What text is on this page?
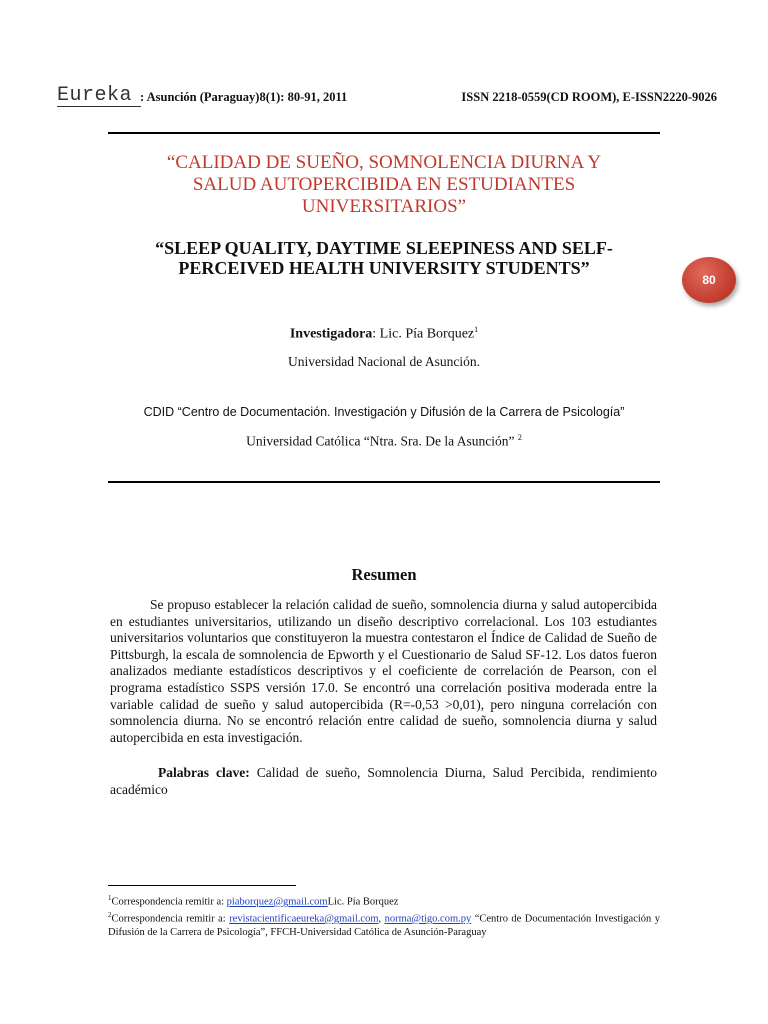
Eureka : Asunción (Paraguay)8(1): 80-91, 2011	ISSN 2218-0559(CD ROOM), E-ISSN2220-9026
“CALIDAD DE SUEÑO, SOMNOLENCIA DIURNA Y
SALUD AUTOPERCIBIDA EN ESTUDIANTES
UNIVERSITARIOS”
“SLEEP QUALITY, DAYTIME SLEEPINESS AND SELF-
PERCEIVED HEALTH UNIVERSITY STUDENTS”
80
Investigadora: Lic. Pía Borquez$^1$
Universidad Nacional de Asunción.
CDID “Centro de Documentación. Investigación y Difusión de la Carrera de Psicología”
Universidad Católica “Ntra. Sra. De la Asunción” $^2$
Resumen

Se propuso establecer la relación calidad de sueño, somnolencia diurna y salud autopercibida en estudiantes universitarios, utilizando un diseño descriptivo correlacional. Los 103 estudiantes universitarios voluntarios que constituyeron la muestra contestaron el Índice de Calidad de Sueño de Pittsburgh, la escala de somnolencia de Epworth y el Cuestionario de Salud SF-12. Los datos fueron analizados mediante estadísticos descriptivos y el coeficiente de correlación de Pearson, con el programa estadístico SSPS versión 17.0. Se encontró una correlación positiva moderada entre la variable calidad de sueño y salud autopercibida (R=-0,53 >0,01), pero ninguna correlación con somnolencia diurna. No se encontró relación entre calidad de sueño, somnolencia diurna y salud autopercibida en esta investigación.

Palabras clave: Calidad de sueño, Somnolencia Diurna, Salud Percibida, rendimiento académico
$^1$Correspondencia remitir a: piaborquez@gmail.comLic. Pía Borquez
$^2$Correspondencia remitir a: revistacientificaeureka@gmail.com, norma@tigo.com.py “Centro de Documentación Investigación y Difusión de la Carrera de Psicología”, FFCH-Universidad Católica de Asunción-Paraguay
